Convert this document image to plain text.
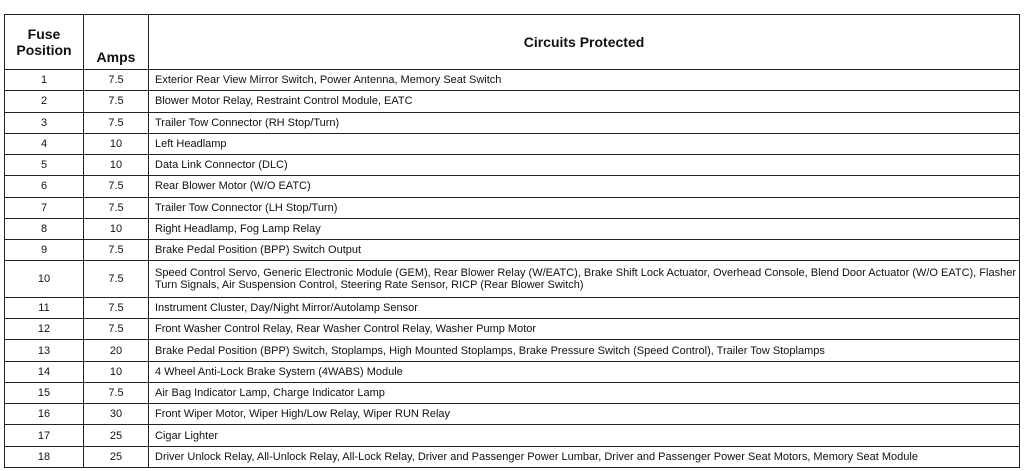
Fuse
Position	Amps	Circuits Protected
1	7.5	Exterior Rear View Mirror Switch, Power Antenna, Memory Seat Switch
2	7.5	Blower Motor Relay, Restraint Control Module, EATC
3	7.5	Trailer Tow Connector (RH Stop/Turn)
4	10	Left Headlamp
5	10	Data Link Connector (DLC)
6	7.5	Rear Blower Motor (W/O EATC)
7	7.5	Trailer Tow Connector (LH Stop/Turn)
8	10	Right Headlamp, Fog Lamp Relay
9	7.5	Brake Pedal Position (BPP) Switch Output
10	7.5	Speed Control Servo, Generic Electronic Module (GEM), Rear Blower Relay (W/EATC), Brake Shift Lock Actuator, Overhead Console, Blend Door Actuator (W/O EATC), Flasher Turn Signals, Air Suspension Control, Steering Rate Sensor, RICP (Rear Blower Switch)
11	7.5	Instrument Cluster, Day/Night Mirror/Autolamp Sensor
12	7.5	Front Washer Control Relay, Rear Washer Control Relay, Washer Pump Motor
13	20	Brake Pedal Position (BPP) Switch, Stoplamps, High Mounted Stoplamps, Brake Pressure Switch (Speed Control), Trailer Tow Stoplamps
14	10	4 Wheel Anti-Lock Brake System (4WABS) Module
15	7.5	Air Bag Indicator Lamp, Charge Indicator Lamp
16	30	Front Wiper Motor, Wiper High/Low Relay, Wiper RUN Relay
17	25	Cigar Lighter
18	25	Driver Unlock Relay, All-Unlock Relay, All-Lock Relay, Driver and Passenger Power Lumbar, Driver and Passenger Power Seat Motors, Memory Seat Module
